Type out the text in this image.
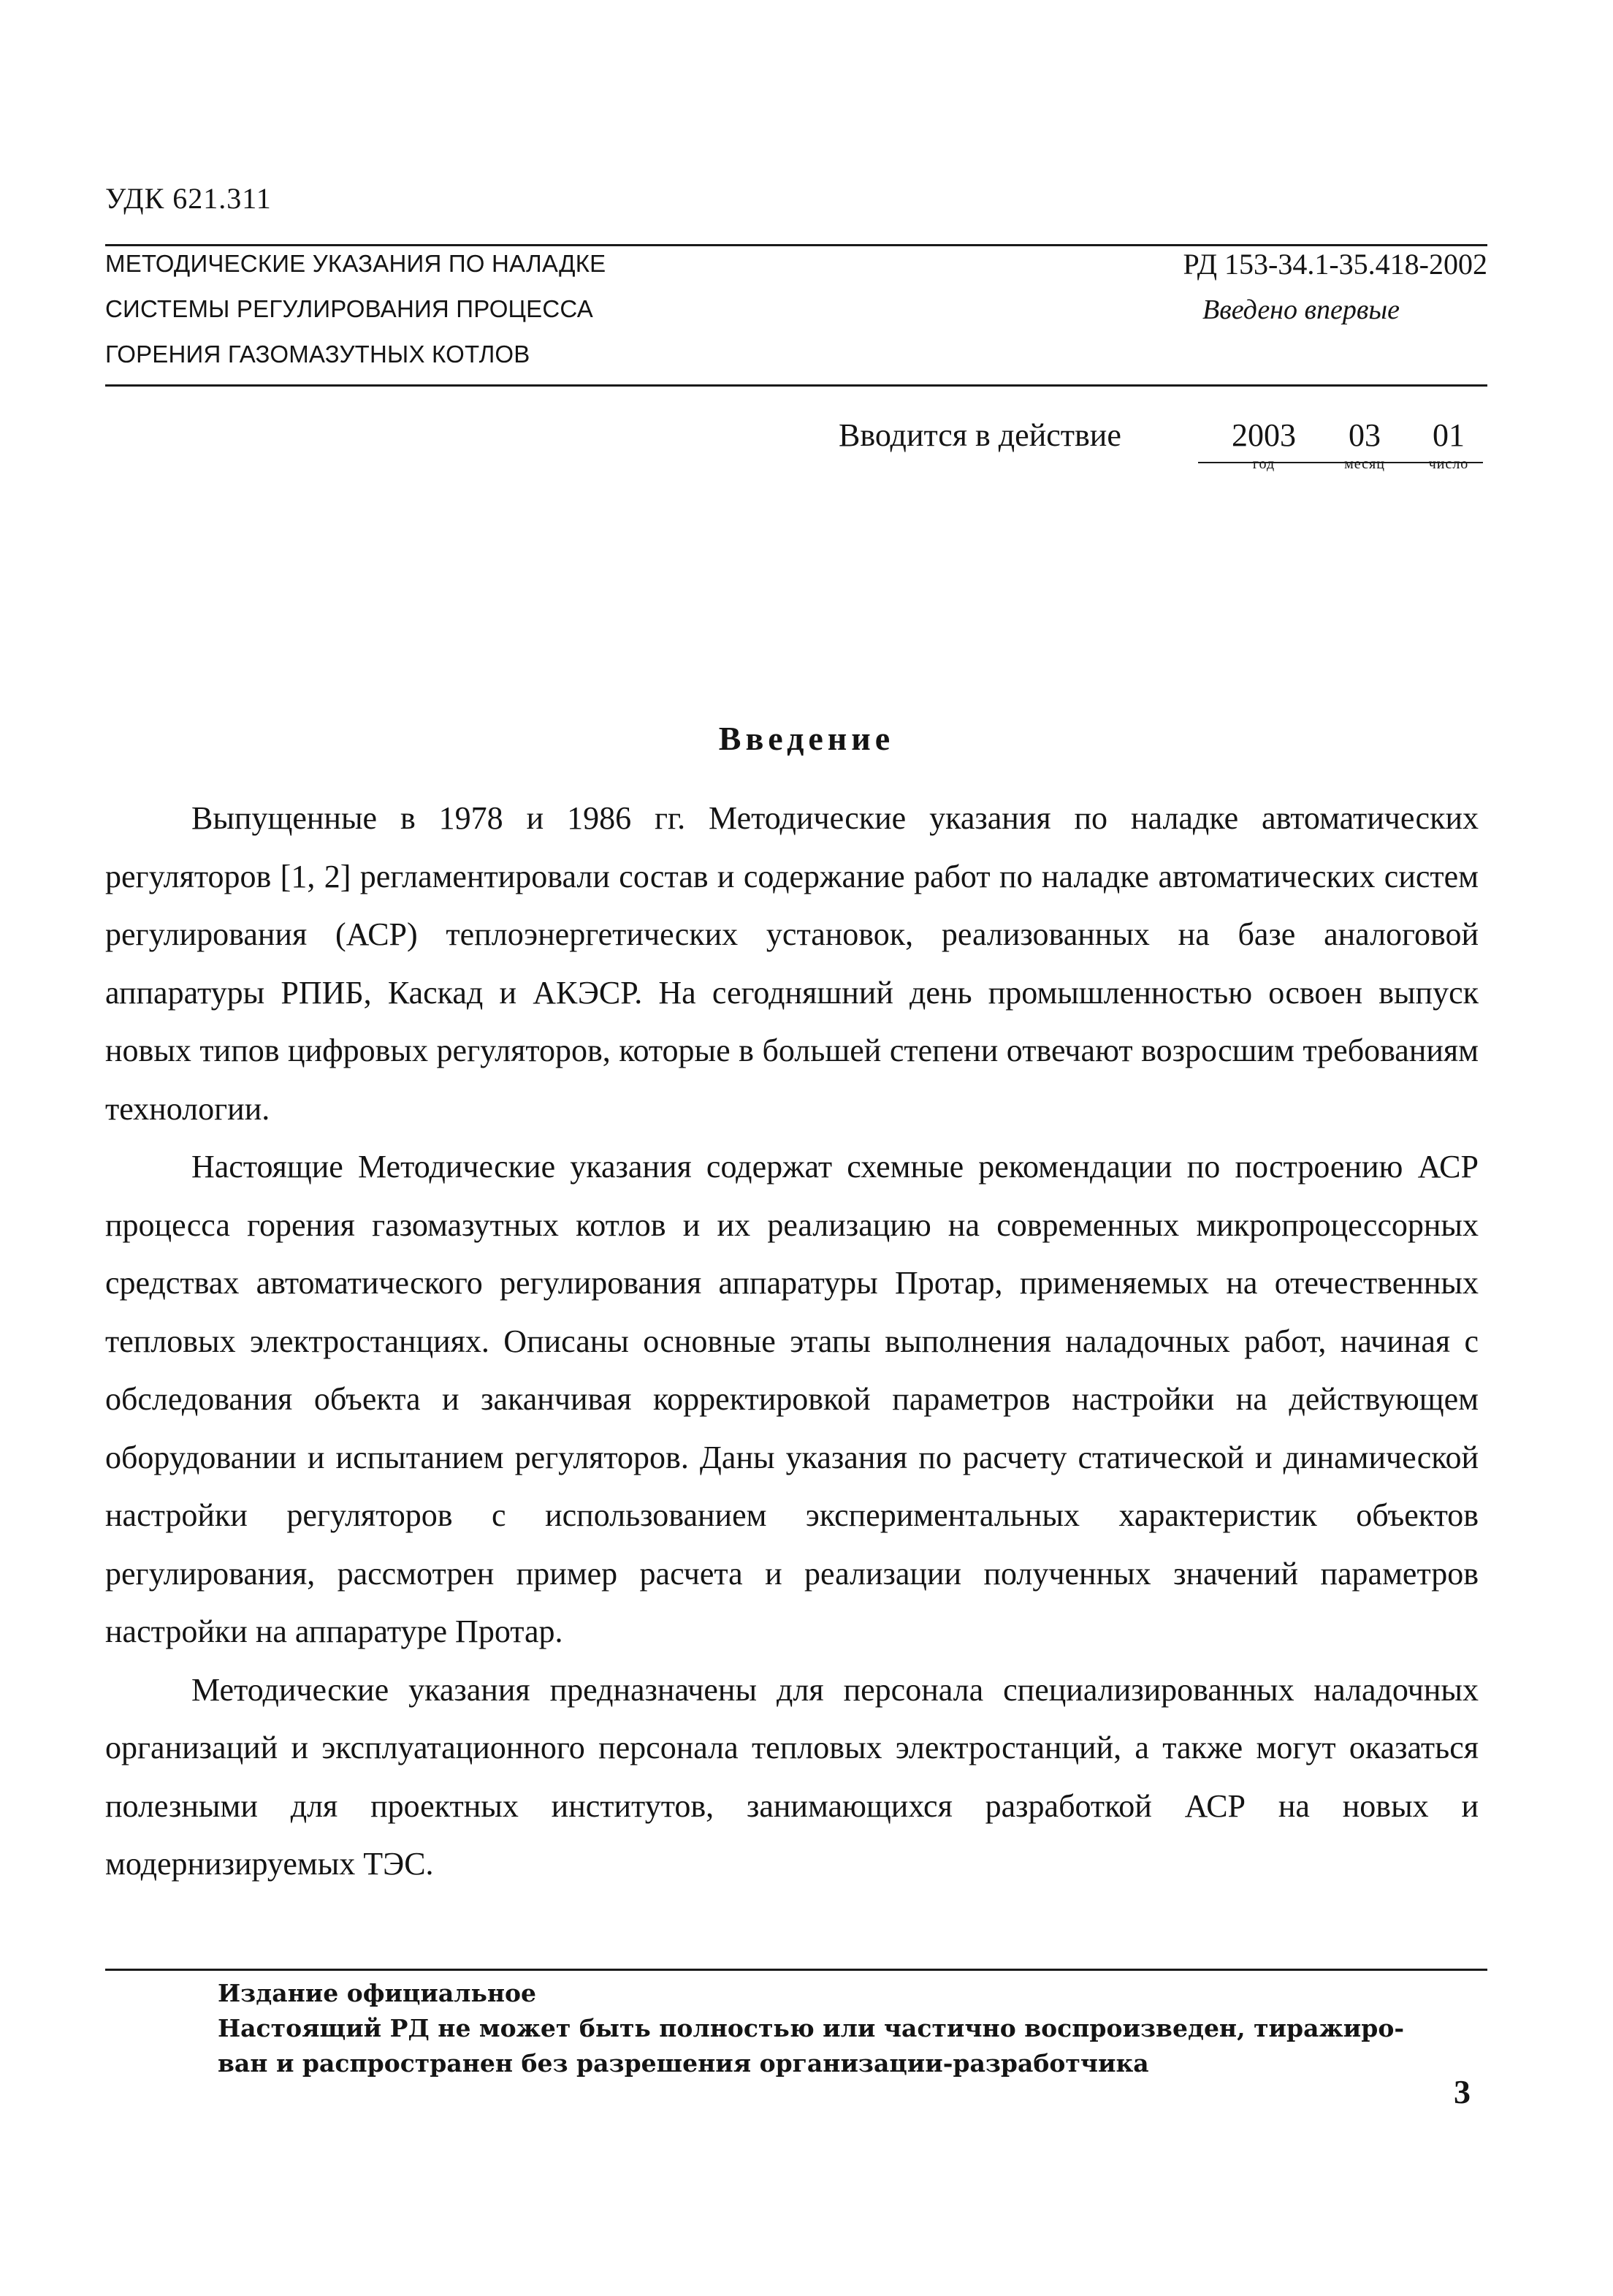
УДК 621.311
МЕТОДИЧЕСКИЕ УКАЗАНИЯ ПО НАЛАДКЕ
СИСТЕМЫ РЕГУЛИРОВАНИЯ ПРОЦЕССА
ГОРЕНИЯ ГАЗОМАЗУТНЫХ КОТЛОВ
РД 153-34.1-35.418-2002
Введено впервые
Вводится в действие	2003	03	01
год	месяц	число
Введение

Выпущенные в 1978 и 1986 гг. Методические указания по наладке автоматических регуляторов [1, 2] регламентировали состав и содержание работ по наладке автоматических систем регулирования (АСР) теплоэнергетических установок, реализованных на базе аналоговой аппаратуры РПИБ, Каскад и АКЭСР. На сегодняшний день промышленностью освоен выпуск новых типов цифровых регуляторов, которые в большей степени отвечают возросшим требованиям технологии.

Настоящие Методические указания содержат схемные рекомендации по построению АСР процесса горения газомазутных котлов и их реализацию на современных микропроцессорных средствах автоматического регулирования аппаратуры Протар, применяемых на отечественных тепловых электростанциях. Описаны основные этапы выполнения наладочных работ, начиная с обследования объекта и заканчивая корректировкой параметров настройки на действующем оборудовании и испытанием регуляторов. Даны указания по расчету статической и динамической настройки регуляторов с использованием экспериментальных характеристик объектов регулирования, рассмотрен пример расчета и реализации полученных значений параметров настройки на аппаратуре Протар.

Методические указания предназначены для персонала специализированных наладочных организаций и эксплуатационного персонала тепловых электростанций, а также могут оказаться полезными для проектных институтов, занимающихся разработкой АСР на новых и модернизируемых ТЭС.

Издание официальное
Настоящий РД не может быть полностью или частично воспроизведен, тиражиро-
ван и распространен без разрешения организации-разработчика
3
